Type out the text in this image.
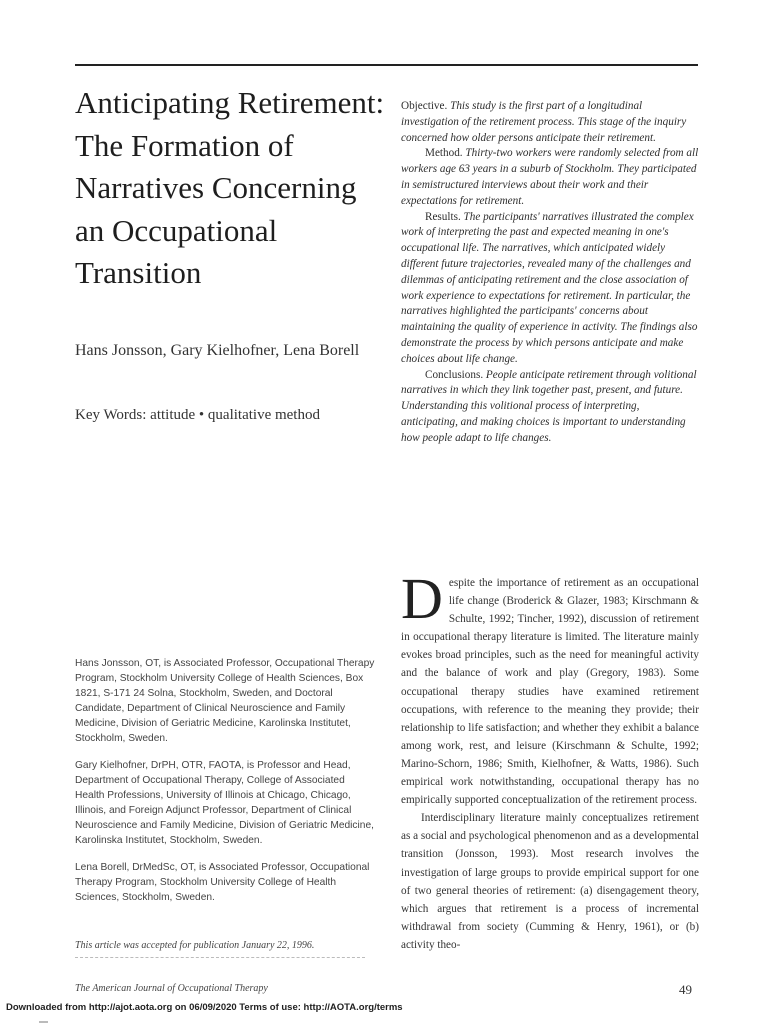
Anticipating Retirement:
The Formation of
Narratives Concerning
an Occupational
Transition
Hans Jonsson, Gary Kielhofner, Lena Borell
Key Words: attitude • qualitative method

Objective. This study is the first part of a longitudinal investigation of the retirement process. This stage of the inquiry concerned how older persons anticipate their retirement.

Method. Thirty-two workers were randomly selected from all workers age 63 years in a suburb of Stockholm. They participated in semistructured interviews about their work and their expectations for retirement.

Results. The participants' narratives illustrated the complex work of interpreting the past and expected meaning in one's occupational life. The narratives, which anticipated widely different future trajectories, revealed many of the challenges and dilemmas of anticipating retirement and the close association of work experience to expectations for retirement. In particular, the narratives highlighted the participants' concerns about maintaining the quality of experience in activity. The findings also demonstrate the process by which persons anticipate and make choices about life change.

Conclusions. People anticipate retirement through volitional narratives in which they link together past, present, and future. Understanding this volitional process of interpreting, anticipating, and making choices is important to understanding how people adapt to life changes.

Hans Jonsson, OT, is Associated Professor, Occupational Therapy Program, Stockholm University College of Health Sciences, Box 1821, S-171 24 Solna, Stockholm, Sweden, and Doctoral Candidate, Department of Clinical Neuroscience and Family Medicine, Division of Geriatric Medicine, Karolinska Institutet, Stockholm, Sweden.

Gary Kielhofner, DrPH, OTR, FAOTA, is Professor and Head, Department of Occupational Therapy, College of Associated Health Professions, University of Illinois at Chicago, Chicago, Illinois, and Foreign Adjunct Professor, Department of Clinical Neuroscience and Family Medicine, Division of Geriatric Medicine, Karolinska Institutet, Stockholm, Sweden.

Lena Borell, DrMedSc, OT, is Associated Professor, Occupational Therapy Program, Stockholm University College of Health Sciences, Stockholm, Sweden.

This article was accepted for publication January 22, 1996.

D espite the importance of retirement as an occupational life change (Broderick & Glazer, 1983; Kirschmann & Schulte, 1992; Tincher, 1992), discussion of retirement in occupational therapy literature is limited. The literature mainly evokes broad principles, such as the need for meaningful activity and the balance of work and play (Gregory, 1983). Some occupational therapy studies have examined retirement occupations, with reference to the meaning they provide; their relationship to life satisfaction; and whether they exhibit a balance among work, rest, and leisure (Kirschmann & Schulte, 1992; Marino-Schorn, 1986; Smith, Kielhofner, & Watts, 1986). Such empirical work notwithstanding, occupational therapy has no empirically supported conceptualization of the retirement process.

Interdisciplinary literature mainly conceptualizes retirement as a social and psychological phenomenon and as a developmental transition (Jonsson, 1993). Most research involves the investigation of large groups to provide empirical support for one of two general theories of retirement: (a) disengagement theory, which argues that retirement is a process of incremental withdrawal from society (Cumming & Henry, 1961), or (b) activity theo-

The American Journal of Occupational Therapy	49
Downloaded from http://ajot.aota.org on 06/09/2020 Terms of use: http://AOTA.org/terms
